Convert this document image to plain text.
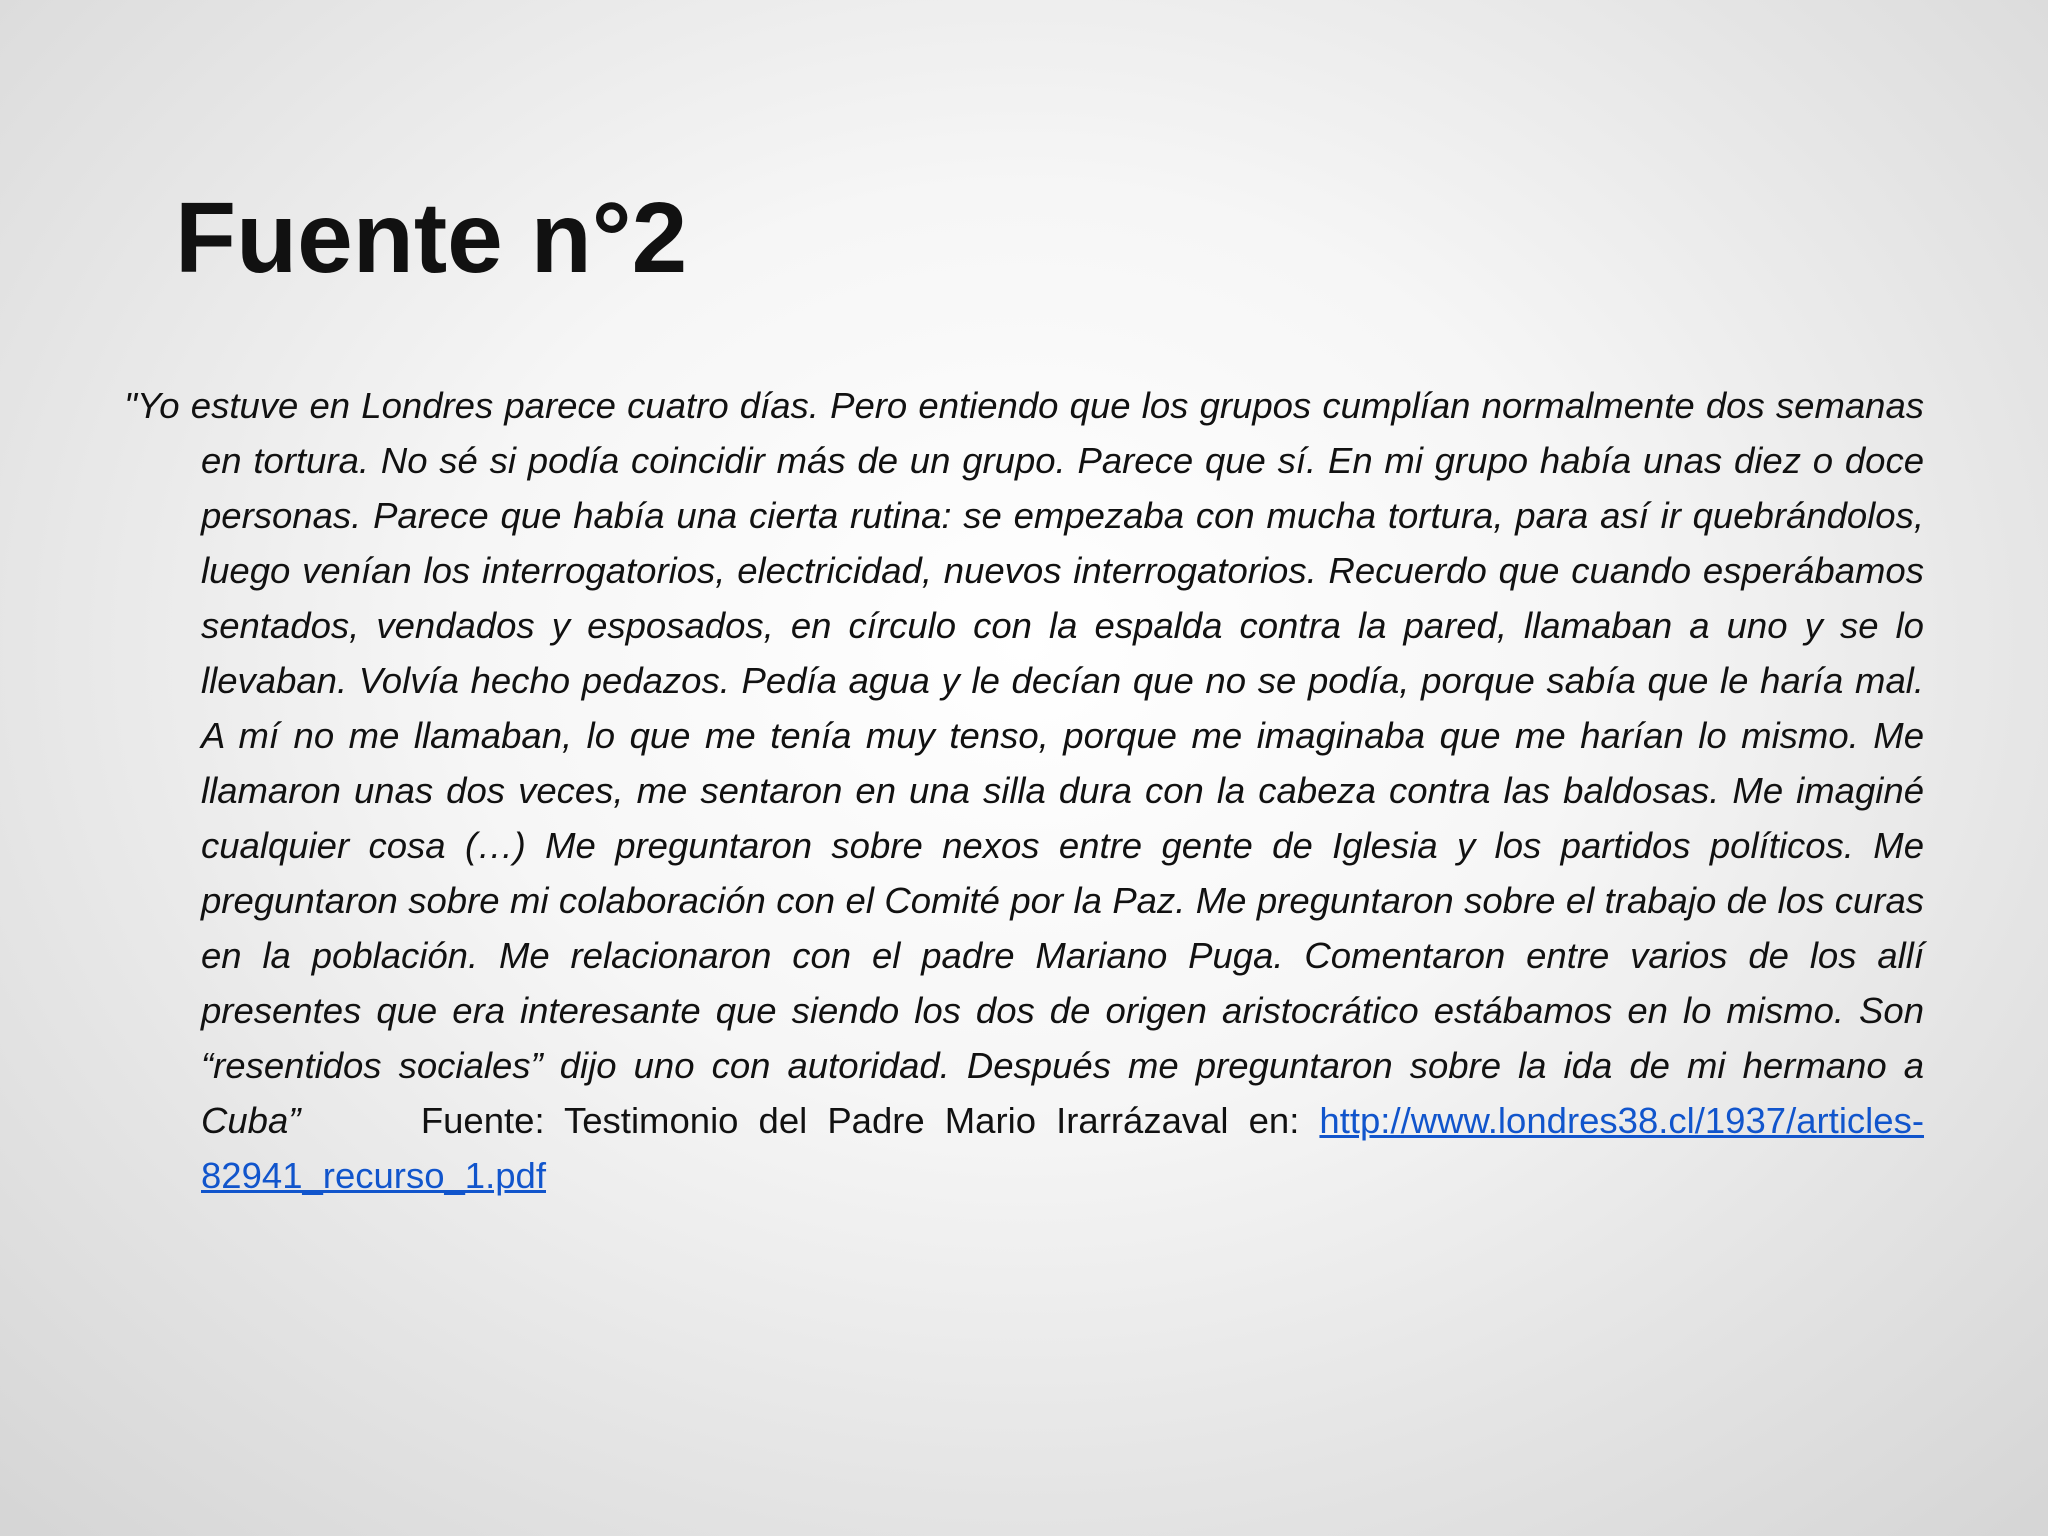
Fuente n°2

"Yo estuve en Londres parece cuatro días. Pero entiendo que los grupos cumplían normalmente dos semanas en tortura. No sé si podía coincidir más de un grupo. Parece que sí. En mi grupo había unas diez o doce personas. Parece que había una cierta rutina: se empezaba con mucha tortura, para así ir quebrándolos, luego venían los interrogatorios, electricidad, nuevos interrogatorios. Recuerdo que cuando esperábamos sentados, vendados y esposados, en círculo con la espalda contra la pared, llamaban a uno y se lo llevaban. Volvía hecho pedazos. Pedía agua y le decían que no se podía, porque sabía que le haría mal. A mí no me llamaban, lo que me tenía muy tenso, porque me imaginaba que me harían lo mismo. Me llamaron unas dos veces, me sentaron en una silla dura con la cabeza contra las baldosas. Me imaginé cualquier cosa (…) Me preguntaron sobre nexos entre gente de Iglesia y los partidos políticos. Me preguntaron sobre mi colaboración con el Comité por la Paz. Me preguntaron sobre el trabajo de los curas en la población. Me relacionaron con el padre Mariano Puga. Comentaron entre varios de los allí presentes que era interesante que siendo los dos de origen aristocrático estábamos en lo mismo. Son “resentidos sociales” dijo uno con autoridad. Después me preguntaron sobre la ida de mi hermano a Cuba”	Fuente: Testimonio del Padre Mario Irarrázaval en: http://www.londres38.cl/1937/articles-82941_recurso_1.pdf
